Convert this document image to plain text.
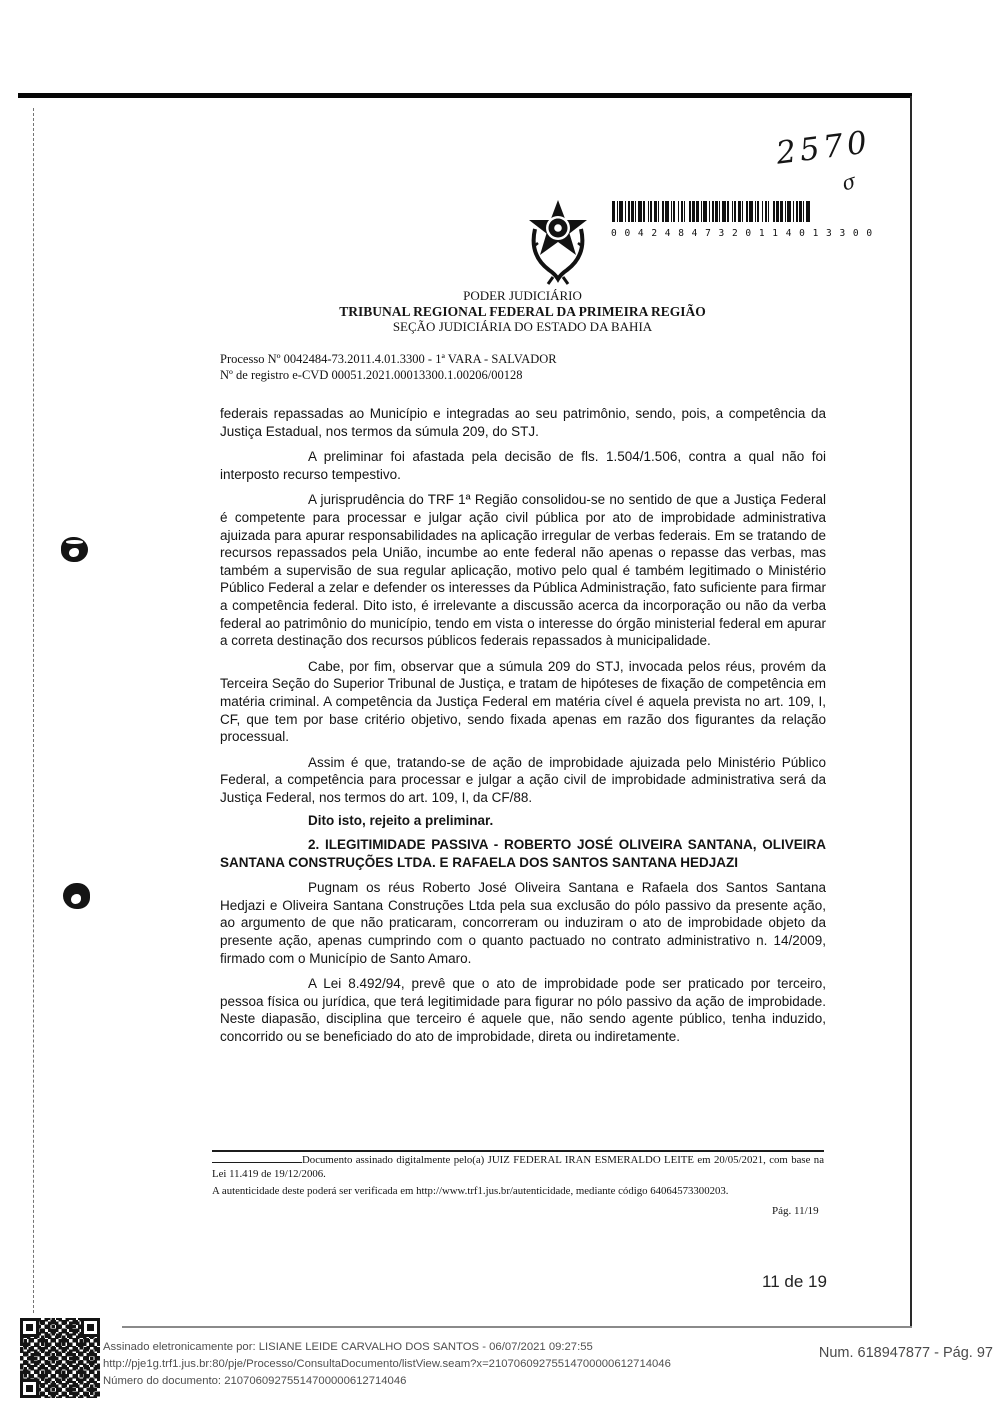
2570
σ
0 0 4 2 4 8 4 7 3 2 0 1 1 4 0 1 3 3 0 0
PODER JUDICIÁRIO
TRIBUNAL REGIONAL FEDERAL DA PRIMEIRA REGIÃO
SEÇÃO JUDICIÁRIA DO ESTADO DA BAHIA
Processo Nº 0042484-73.2011.4.01.3300 - 1ª VARA - SALVADOR
Nº de registro e-CVD 00051.2021.00013300.1.00206/00128

federais repassadas ao Município e integradas ao seu patrimônio, sendo, pois, a competência da Justiça Estadual, nos termos da súmula 209, do STJ.

A preliminar foi afastada pela decisão de fls. 1.504/1.506, contra a qual não foi interposto recurso tempestivo.

A jurisprudência do TRF 1ª Região consolidou-se no sentido de que a Justiça Federal é competente para processar e julgar ação civil pública por ato de improbidade administrativa ajuizada para apurar responsabilidades na aplicação irregular de verbas federais. Em se tratando de recursos repassados pela União, incumbe ao ente federal não apenas o repasse das verbas, mas também a supervisão de sua regular aplicação, motivo pelo qual é também legitimado o Ministério Público Federal a zelar e defender os interesses da Pública Administração, fato suficiente para firmar a competência federal. Dito isto, é irrelevante a discussão acerca da incorporação ou não da verba federal ao patrimônio do município, tendo em vista o interesse do órgão ministerial federal em apurar a correta destinação dos recursos públicos federais repassados à municipalidade.

Cabe, por fim, observar que a súmula 209 do STJ, invocada pelos réus, provém da Terceira Seção do Superior Tribunal de Justiça, e tratam de hipóteses de fixação de competência em matéria criminal. A competência da Justiça Federal em matéria cível é aquela prevista no art. 109, I, CF, que tem por base critério objetivo, sendo fixada apenas em razão dos figurantes da relação processual.

Assim é que, tratando-se de ação de improbidade ajuizada pelo Ministério Público Federal, a competência para processar e julgar a ação civil de improbidade administrativa será da Justiça Federal, nos termos do art. 109, I, da CF/88.

Dito isto, rejeito a preliminar.

2. ILEGITIMIDADE PASSIVA - ROBERTO JOSÉ OLIVEIRA SANTANA, OLIVEIRA SANTANA CONSTRUÇÕES LTDA. E RAFAELA DOS SANTOS SANTANA HEDJAZI

Pugnam os réus Roberto José Oliveira Santana e Rafaela dos Santos Santana Hedjazi e Oliveira Santana Construções Ltda pela sua exclusão do pólo passivo da presente ação, ao argumento de que não praticaram, concorreram ou induziram o ato de improbidade objeto da presente ação, apenas cumprindo com o quanto pactuado no contrato administrativo n. 14/2009, firmado com o Município de Santo Amaro.

A Lei 8.492/94, prevê que o ato de improbidade pode ser praticado por terceiro, pessoa física ou jurídica, que terá legitimidade para figurar no pólo passivo da ação de improbidade. Neste diapasão, disciplina que terceiro é aquele que, não sendo agente público, tenha induzido, concorrido ou se beneficiado do ato de improbidade, direta ou indiretamente.

Documento assinado digitalmente pelo(a) JUIZ FEDERAL IRAN ESMERALDO LEITE em 20/05/2021, com base na Lei 11.419 de 19/12/2006.

A autenticidade deste poderá ser verificada em http://www.trf1.jus.br/autenticidade, mediante código 64064573300203.

Pág. 11/19
11 de 19
Assinado eletronicamente por: LISIANE LEIDE CARVALHO DOS SANTOS - 06/07/2021 09:27:55
http://pje1g.trf1.jus.br:80/pje/Processo/ConsultaDocumento/listView.seam?x=21070609275514700000612714046
Número do documento: 21070609275514700000612714046
Num. 618947877 - Pág. 97
